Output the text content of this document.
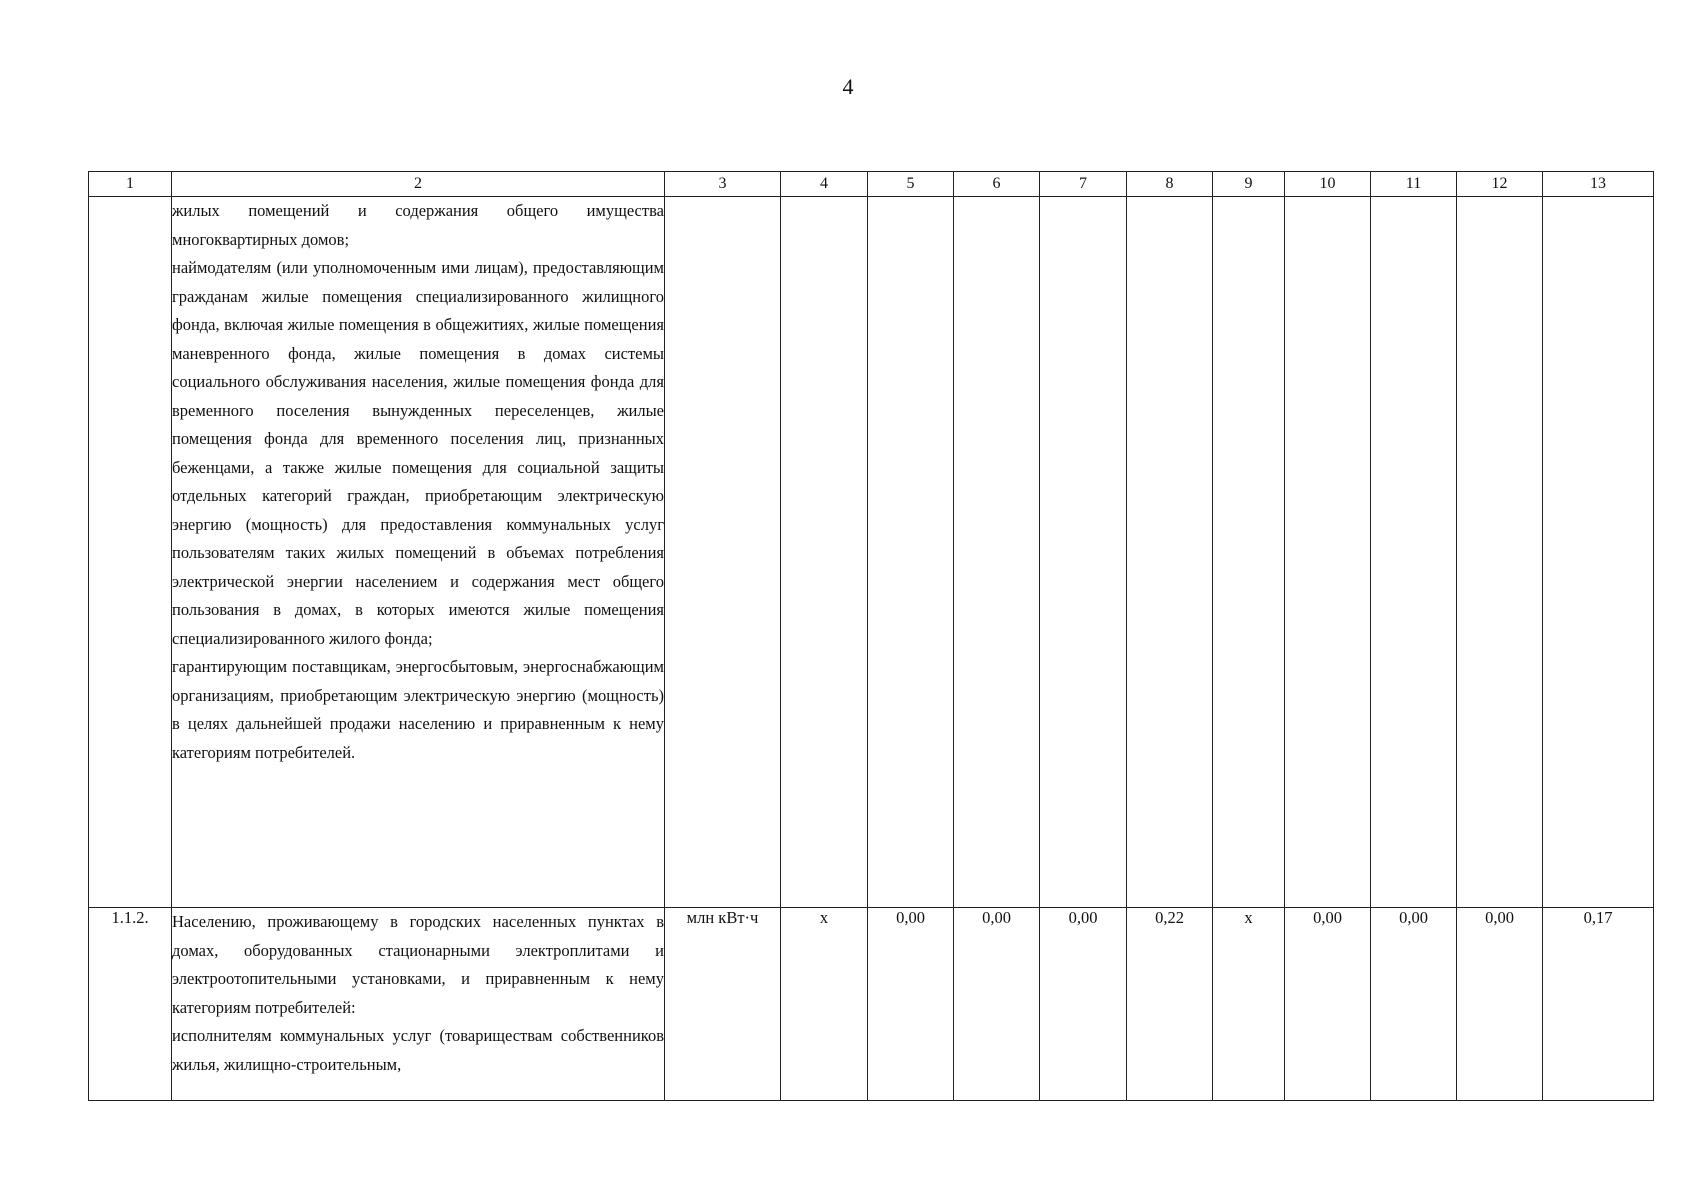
4
1	2	3	4	5	6	7	8	9	10	11	12	13

	жилых помещений и содержания общего имущества многоквартирных домов;

наймодателям (или уполномоченным ими лицам), предоставляющим гражданам жилые помещения специализированного жилищного фонда, включая жилые помещения в общежитиях, жилые помещения маневренного фонда, жилые помещения в домах системы социального обслуживания населения, жилые помещения фонда для временного поселения вынужденных переселенцев, жилые помещения фонда для временного поселения лиц, признанных беженцами, а также жилые помещения для социальной защиты отдельных категорий граждан, приобретающим электрическую энергию (мощность) для предоставления коммунальных услуг пользователям таких жилых помещений в объемах потребления электрической энергии населением и содержания мест общего пользования в домах, в которых имеются жилые помещения специализированного жилого фонда;

гарантирующим поставщикам, энергосбытовым, энергоснабжающим организациям, приобретающим электрическую энергию (мощность) в целях дальнейшей продажи населению и приравненным к нему категориям потребителей.											

1.1.2.	Населению, проживающему в городских населенных пунктах в домах, оборудованных стационарными электроплитами и электроотопительными установками, и приравненным к нему категориям потребителей:

исполнителям коммунальных услуг (товариществам собственников жилья, жилищно-строительным,	млн кВт·ч	х	0,00	0,00	0,00	0,22	х	0,00	0,00	0,00	0,17
